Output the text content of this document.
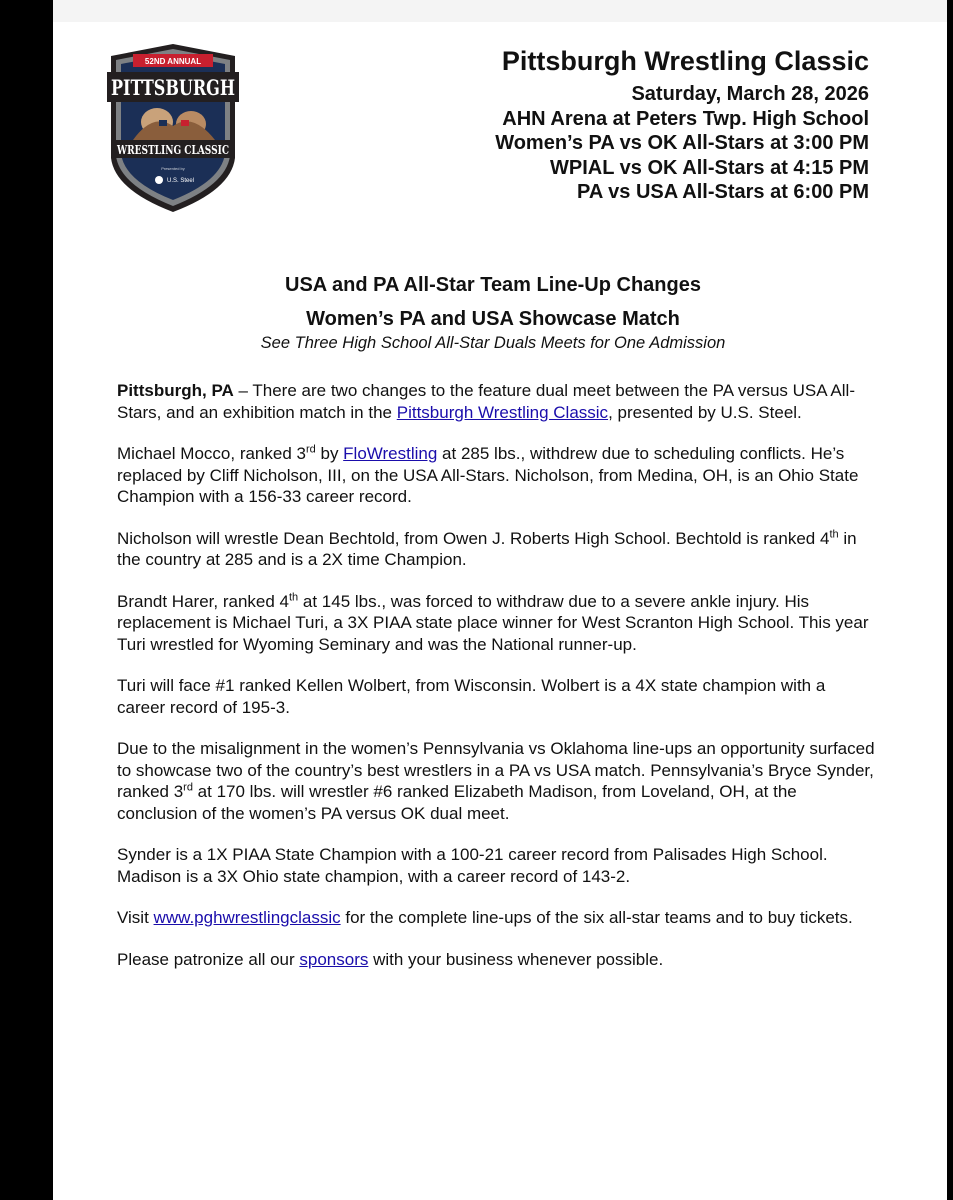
52ND ANNUAL
PITTSBURGH
WRESTLING CLASSIC
Presented by
U.S. Steel
Pittsburgh Wrestling Classic
Saturday, March 28, 2026
AHN Arena at Peters Twp. High School
Women’s PA vs OK All-Stars at 3:00 PM
WPIAL vs OK All-Stars at 4:15 PM
PA vs USA All-Stars at 6:00 PM
USA and PA All-Star Team Line-Up Changes
Women’s PA and USA Showcase Match
See Three High School All-Star Duals Meets for One Admission

Pittsburgh, PA – There are two changes to the feature dual meet between the PA versus USA All-Stars, and an exhibition match in the Pittsburgh Wrestling Classic, presented by U.S. Steel.

Michael Mocco, ranked 3rd by FloWrestling at 285 lbs., withdrew due to scheduling conflicts. He’s replaced by Cliff Nicholson, III, on the USA All-Stars. Nicholson, from Medina, OH, is an Ohio State Champion with a 156-33 career record.

Nicholson will wrestle Dean Bechtold, from Owen J. Roberts High School. Bechtold is ranked 4th in the country at 285 and is a 2X time Champion.

Brandt Harer, ranked 4th at 145 lbs., was forced to withdraw due to a severe ankle injury. His replacement is Michael Turi, a 3X PIAA state place winner for West Scranton High School. This year Turi wrestled for Wyoming Seminary and was the National runner-up.

Turi will face #1 ranked Kellen Wolbert, from Wisconsin. Wolbert is a 4X state champion with a career record of 195-3.

Due to the misalignment in the women’s Pennsylvania vs Oklahoma line-ups an opportunity surfaced to showcase two of the country’s best wrestlers in a PA vs USA match. Pennsylvania’s Bryce Synder, ranked 3rd at 170 lbs. will wrestler #6 ranked Elizabeth Madison, from Loveland, OH, at the conclusion of the women’s PA versus OK dual meet.

Synder is a 1X PIAA State Champion with a 100-21 career record from Palisades High School. Madison is a 3X Ohio state champion, with a career record of 143-2.

Visit www.pghwrestlingclassic for the complete line-ups of the six all-star teams and to buy tickets.

Please patronize all our sponsors with your business whenever possible.
